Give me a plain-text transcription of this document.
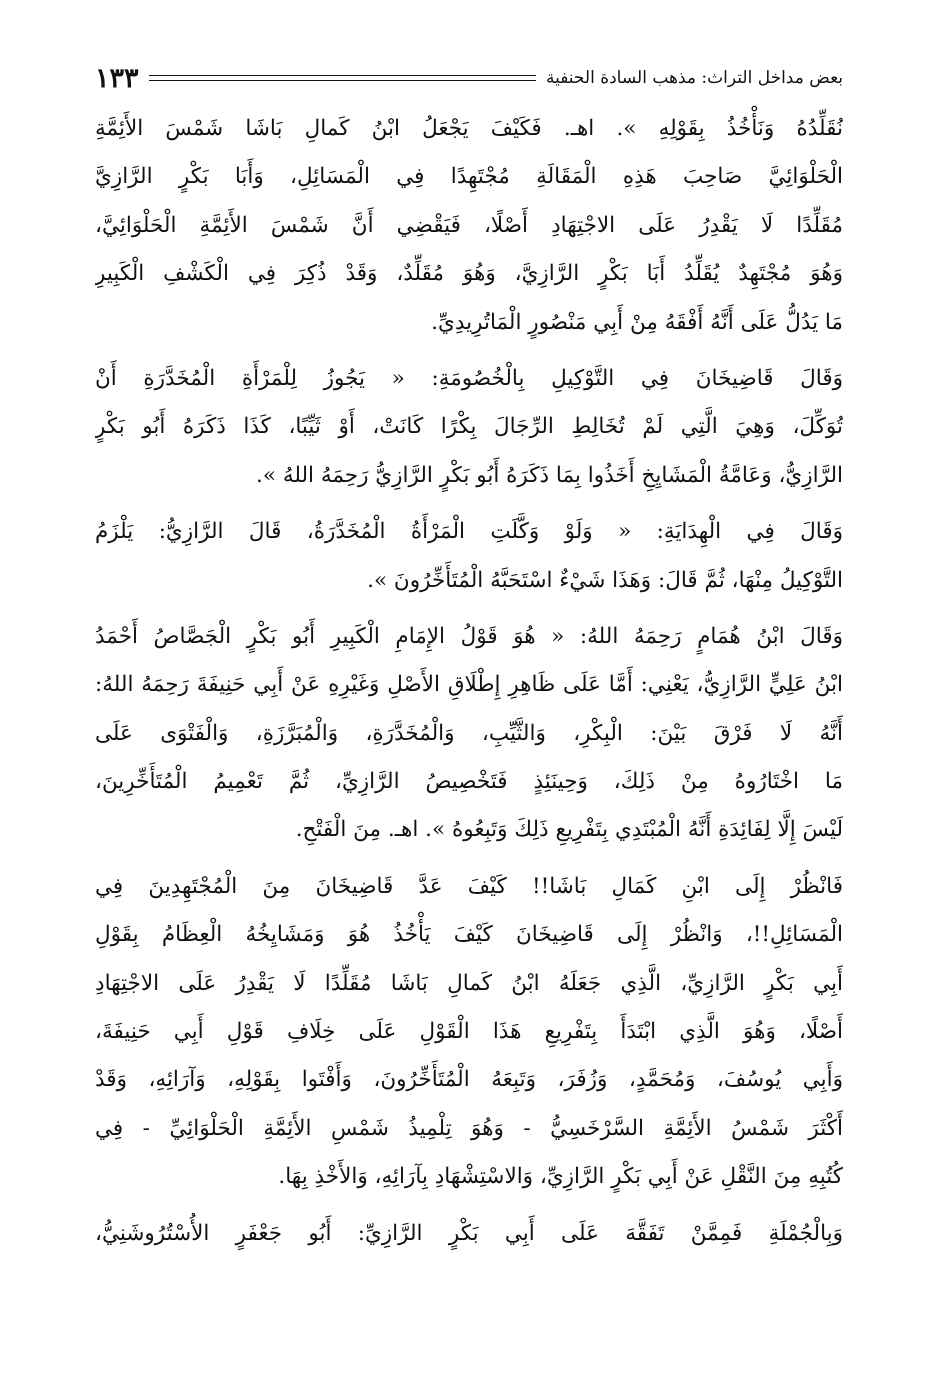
بعض مداخل التراث: مذهب السادة الحنفية
١٣٣
نُقَلِّدُهُ وَنَأْخُذُ بِقَوْلِهِ ». اهـ. فَكَيْفَ يَجْعَلُ ابْنُ كَمالِ بَاشَا شَمْسَ الأَئِمَّةِ
الْحَلْوَائِيَّ صَاحِبَ هَذِهِ الْمَقَالَةِ مُجْتَهِدًا فِي الْمَسَائِلِ، وَأَبَا بَكْرٍ الرَّازِيَّ
مُقَلِّدًا لَا يَقْدِرُ عَلَى الاجْتِهَادِ أَصْلًا، فَيَقْضِي أَنَّ شَمْسَ الأَئِمَّةِ الْحَلْوَائِيَّ،
وَهُوَ مُجْتَهِدٌ يُقَلِّدُ أَبَا بَكْرٍ الرَّازِيَّ، وَهُوَ مُقَلِّدٌ، وَقَدْ ذُكِرَ فِي الْكَشْفِ الْكَبِيرِ
مَا يَدُلُّ عَلَى أَنَّهُ أَفْقَهُ مِنْ أَبِي مَنْصُورٍ الْمَاتُرِيدِيِّ.
وَقَالَ قَاضِيخَانَ فِي التَّوْكِيلِ بِالْخُصُومَةِ: « يَجُوزُ لِلْمَرْأَةِ الْمُخَدَّرَةِ أَنْ
تُوَكِّلَ، وَهِيَ الَّتِي لَمْ تُخَالِطِ الرِّجَالَ بِكْرًا كَانَتْ، أَوْ ثَيِّبًا، كَذَا ذَكَرَهُ أَبُو بَكْرٍ
الرَّازِيُّ، وَعَامَّةُ الْمَشَايِخِ أَخَذُوا بِمَا ذَكَرَهُ أَبُو بَكْرٍ الرَّازِيُّ رَحِمَهُ اللهُ ».
وَقَالَ فِي الْهِدَايَةِ: « وَلَوْ وَكَّلَتِ الْمَرْأَةُ الْمُخَدَّرَةُ، قَالَ الرَّازِيُّ: يَلْزَمُ
التَّوْكِيلُ مِنْهَا، ثُمَّ قَالَ: وَهَذَا شَيْءٌ اسْتَحَبَّهُ الْمُتَأَخِّرُونَ ».
وَقَالَ ابْنُ هُمَامٍ رَحِمَهُ اللهُ: « هُوَ قَوْلُ الإِمَامِ الْكَبِيرِ أَبُو بَكْرٍ الْجَصَّاصُ أَحْمَدُ
ابْنُ عَلِيٍّ الرَّازِيُّ، يَعْنِي: أَمَّا عَلَى ظَاهِرِ إِطْلَاقِ الأَصْلِ وَغَيْرِهِ عَنْ أَبِي حَنِيفَةَ رَحِمَهُ اللهُ:
أَنَّهُ لَا فَرْقَ بَيْنَ: الْبِكْرِ، وَالثَّيِّبِ، وَالْمُخَدَّرَةِ، وَالْمُبَرَّزَةِ، وَالْفَتْوَى عَلَى
مَا اخْتَارُوهُ مِنْ ذَلِكَ، وَحِينَئِذٍ فَتَخْصِيصُ الرَّازِيِّ، ثُمَّ تَعْمِيمُ الْمُتَأَخِّرِينَ،
لَيْسَ إِلَّا لِفَائِدَةِ أَنَّهُ الْمُبْتَدِي بِتَفْرِيعِ ذَلِكَ وَتَبِعُوهُ ». اهـ. مِنَ الْفَتْحِ.
فَانْظُرْ إِلَى ابْنِ كَمَالِ بَاشَا!! كَيْفَ عَدَّ قَاضِيخَانَ مِنَ الْمُجْتَهِدِينَ فِي
الْمَسَائِلِ!!، وَانْظُرْ إِلَى قَاضِيخَانَ كَيْفَ يَأْخُذُ هُوَ وَمَشَايِخُهُ الْعِظَامُ بِقَوْلِ
أَبِي بَكْرٍ الرَّازِيِّ، الَّذِي جَعَلَهُ ابْنُ كَمالِ بَاشَا مُقَلِّدًا لَا يَقْدِرُ عَلَى الاجْتِهَادِ
أَصْلًا، وَهُوَ الَّذِي ابْتَدَأَ بِتَفْرِيعِ هَذَا الْقَوْلِ عَلَى خِلَافِ قَوْلِ أَبِي حَنِيفَةَ،
وَأَبِي يُوسُفَ، وَمُحَمَّدٍ، وَزُفَرَ، وَتَبِعَهُ الْمُتَأَخِّرُونَ، وَأَفْتَوا بِقَوْلِهِ، وَآرَائِهِ، وَقَدْ
أَكْثَرَ شَمْسُ الأَئِمَّةِ السَّرْخَسِيُّ - وَهُوَ تِلْمِيذُ شَمْسِ الأَئِمَّةِ الْحَلْوَائِيِّ - فِي
كُتُبِهِ مِنَ النَّقْلِ عَنْ أَبِي بَكْرٍ الرَّازِيِّ، وَالاسْتِشْهَادِ بِآرَائِهِ، وَالأَخْذِ بِهَا.
وَبِالْجُمْلَةِ فَمِمَّنْ تَفَقَّهَ عَلَى أَبِي بَكْرٍ الرَّازِيِّ: أَبُو جَعْفَرٍ الأُسْتُرُوشَنِيُّ،
